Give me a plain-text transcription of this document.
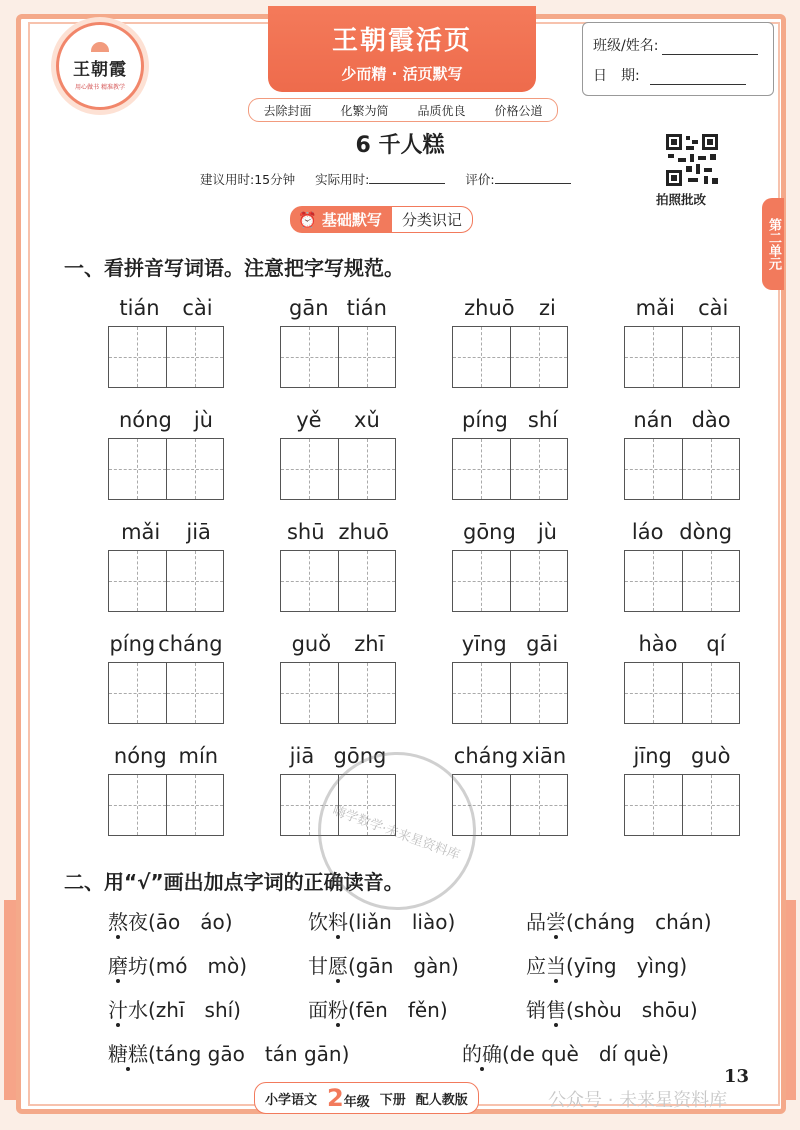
王朝霞
用心做书 精准教学
王朝霞活页
少而精 · 活页默写
去除封面 化繁为简 品质优良 价格公道
班级/姓名:
日　期:
6 千人糕
建议用时:15分钟 实际用时:	评价:
拍照批改
第二单元
⏰ 基础默写	分类识记
一、看拼音写词语。注意把字写规范。
tián cài	gān tián	zhuō zi	mǎi cài
nóng jù	yě xǔ	píng shí	nán dào
mǎi jiā	shū zhuō	gōng jù	láo dòng
píng cháng	guǒ zhī	yīng gāi	hào qí
nóng mín	jiā gōng	cháng xiān	jīng guò
二、用“√”画出加点字词的正确读音。
熬夜(āo　áo)	饮料(liǎn　liào)	品尝(cháng　chán)
磨坊(mó　mò)	甘愿(gān　gàn)	应当(yīng　yìng)
汁水(zhī　shí)	面粉(fēn　fěn)	销售(shòu　shōu)
糖糕(táng gāo　tán gān)	的确(de què　dí què)
嗨学数学·未来星资料库
13
小学语文 2年级 下册 配人教版	公众号 · 未来星资料库
